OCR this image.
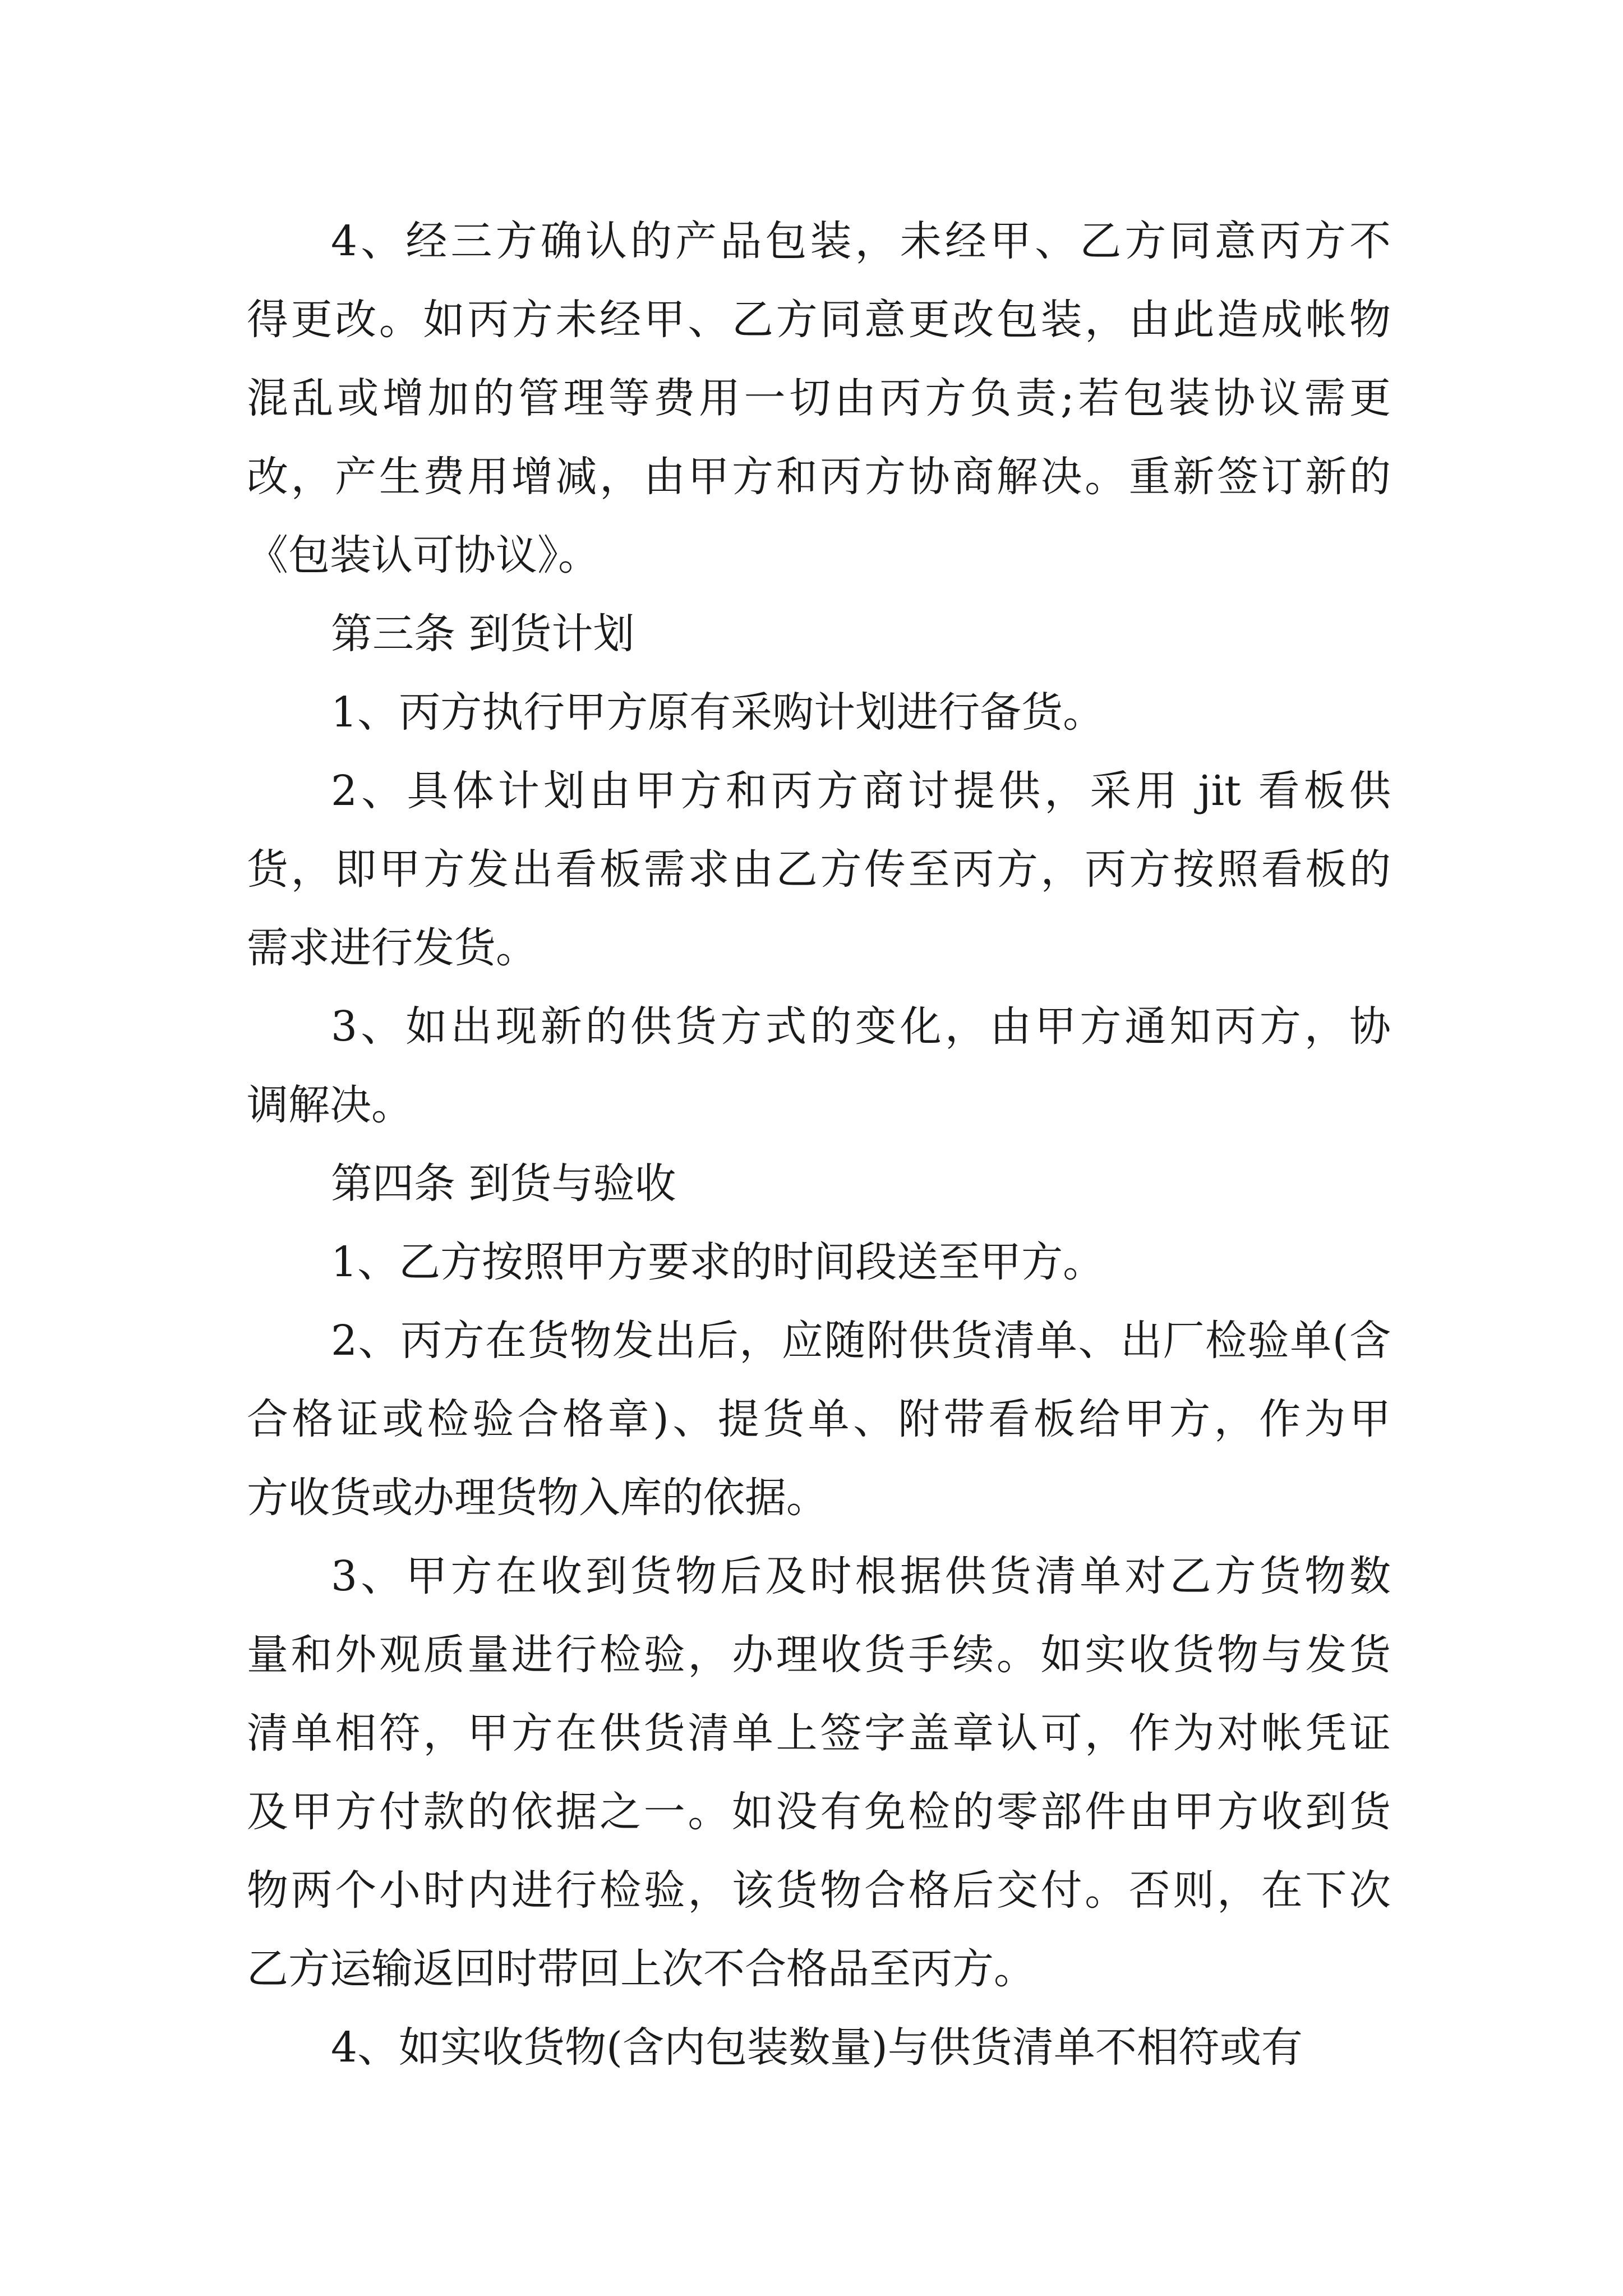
4、经三方确认的产品包装，未经甲、乙方同意丙方不
得更改。如丙方未经甲、乙方同意更改包装，由此造成帐物
混乱或增加的管理等费用一切由丙方负责;若包装协议需更
改，产生费用增减，由甲方和丙方协商解决。重新签订新的
《包装认可协议》。
第三条 到货计划
1、丙方执行甲方原有采购计划进行备货。
2、具体计划由甲方和丙方商讨提供，采用 jit 看板供
货，即甲方发出看板需求由乙方传至丙方，丙方按照看板的
需求进行发货。
3、如出现新的供货方式的变化，由甲方通知丙方，协
调解决。
第四条 到货与验收
1、乙方按照甲方要求的时间段送至甲方。
2、丙方在货物发出后，应随附供货清单、出厂检验单(含
合格证或检验合格章)、提货单、附带看板给甲方，作为甲
方收货或办理货物入库的依据。
3、甲方在收到货物后及时根据供货清单对乙方货物数
量和外观质量进行检验，办理收货手续。如实收货物与发货
清单相符，甲方在供货清单上签字盖章认可，作为对帐凭证
及甲方付款的依据之一。如没有免检的零部件由甲方收到货
物两个小时内进行检验，该货物合格后交付。否则，在下次
乙方运输返回时带回上次不合格品至丙方。
4、如实收货物(含内包装数量)与供货清单不相符或有
